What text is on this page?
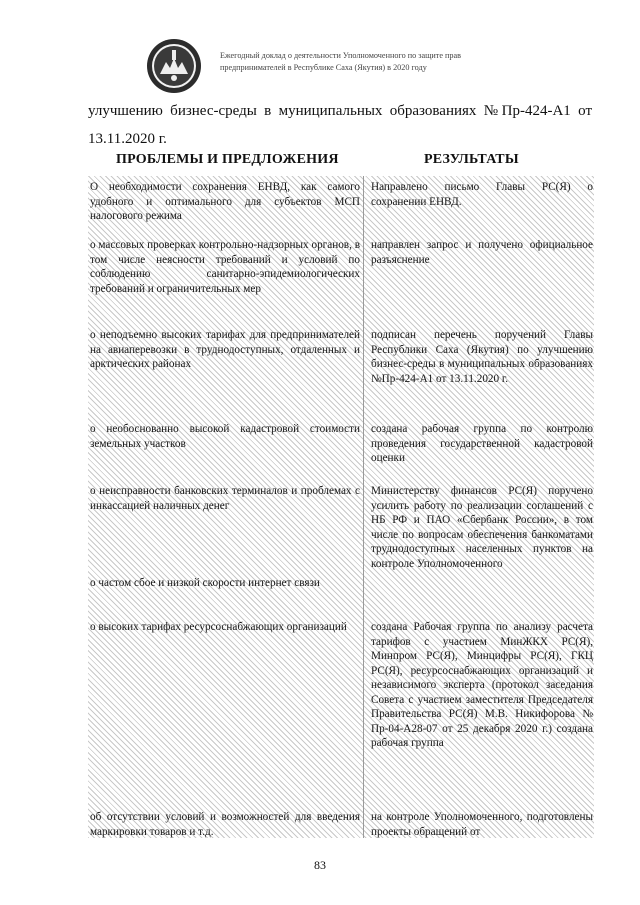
Ежегодный доклад о деятельности Уполномоченного по защите прав
предпринимателей в Республике Саха (Якутия) в 2020 году
улучшению бизнес-среды в муниципальных образованиях №Пр-424-А1 от
13.11.2020 г.
ПРОБЛЕМЫ И ПРЕДЛОЖЕНИЯ	РЕЗУЛЬТАТЫ
О необходимости сохранения ЕНВД, как самого удобного и оптимального для субъектов МСП налогового режима
Направлено письмо Главы РС(Я) о сохранении ЕНВД.
о массовых проверках контрольно-надзорных органов, в том числе неясности требований и условий по соблюдению санитарно-эпидемиологических требований и ограничительных мер
направлен запрос и получено официальное разъяснение
о неподъемно высоких тарифах для предпринимателей на авиаперевозки в труднодоступных, отдаленных и арктических районах
подписан перечень поручений Главы Республики Саха (Якутия) по улучшению бизнес-среды в муниципальных образованиях №Пр-424-А1 от 13.11.2020 г.
о необоснованно высокой кадастровой стоимости земельных участков
создана рабочая группа по контролю проведения государственной кадастровой оценки
о неисправности банковских терминалов и проблемах с инкассацией наличных денег
о частом сбое и низкой скорости интернет связи
Министерству финансов РС(Я) поручено усилить работу по реализации соглашений с НБ РФ и ПАО «Сбербанк России», в том числе по вопросам обеспечения банкоматами труднодоступных населенных пунктов на контроле Уполномоченного
о высоких тарифах ресурсоснабжающих организаций	создана Рабочая группа по анализу расчета тарифов с участием МинЖКХ РС(Я), Минпром РС(Я), Минцифры РС(Я), ГКЦ РС(Я), ресурсоснабжающих организаций и независимого эксперта (протокол заседания Совета с участием заместителя Председателя Правительства РС(Я) М.В. Никифорова № Пр-04-А28-07 от 25 декабря 2020 г.) создана рабочая группа
об отсутствии условий и возможностей для введения маркировки товаров и т.д.
на контроле Уполномоченного, подготовлены проекты обращений от
83
